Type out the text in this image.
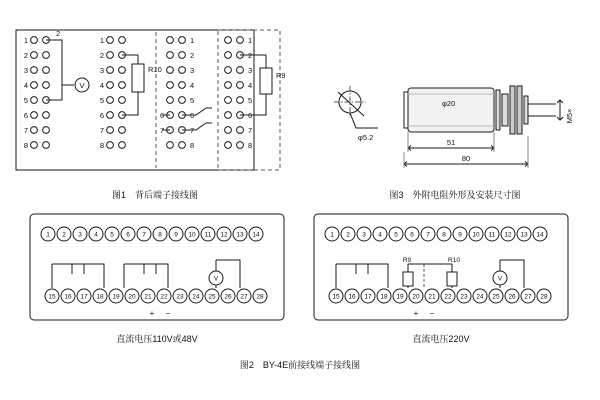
1
2
3
4
5
6
7
8
2
V
1
2
3
4
5
6
7
8
R10
1
2
3
4
5
6
7
8
6
7
1
2
3
4
5
6
7
8
R9
图1　背后端子接线图
φ5.2
φ20
M5×
51
80
图3　外附电阻外形及安装尺寸图
1 2 3 4 5 6 7 8 9 10 11 12 13 14
V
+ −
15 16 17 18 19 20 21 22 23 24 25 26 27 28
直流电压110V或48V
1 2 3 4 5 6 7 8 9 10 11 12 13 14
R9	R10
V
+ −
15 16 17 18 19 20 21 22 23 24 25 26 27 28
直流电压220V
图2　BY-4E前接线端子接线图
